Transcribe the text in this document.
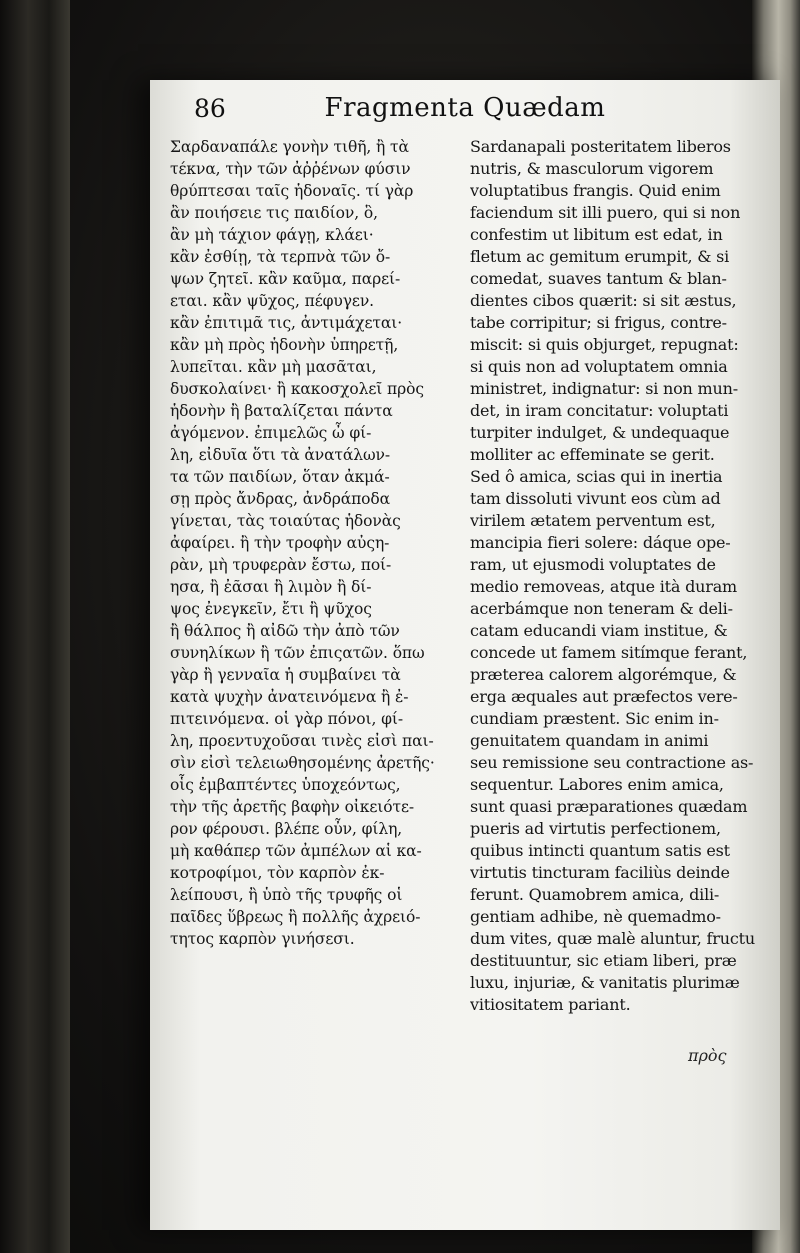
86	Fragmenta Quædam
Σαρδαναπάλε γονὴν τιθῆ, ἢ τὰ
τέκνα, τὴν τῶν ἀῤῥένων φύσιν
θρύπτεσαι ταῖς ἡδοναῖς. τί γὰρ
ἂν ποιήσειε τις παιδίον, ὃ,
ἂν μὴ τάχιον φάγῃ, κλάει·
κἂν ἐσθίῃ, τὰ τερπνὰ τῶν ὄ-
ψων ζητεῖ. κἂν καῦμα, παρεί-
εται. κἂν ψῦχος, πέφυγεν.
κἂν ἐπιτιμᾶ τις, ἀντιμάχεται·
κἂν μὴ πρὸς ἡδονὴν ὑπηρετῇ,
λυπεῖται. κἂν μὴ μασᾶται,
δυσκολαίνει· ἢ κακοσχολεῖ πρὸς
ἡδονὴν ἢ βαταλίζεται πάντα
ἀγόμενον. ἐπιμελῶς ὦ φί-
λη, εἰδυῖα ὅτι τὰ ἀνατάλων-
τα τῶν παιδίων, ὅταν ἀκμά-
σῃ πρὸς ἄνδρας, ἀνδράποδα
γίνεται, τὰς τοιαύτας ἡδονὰς
ἀφαίρει. ἢ τὴν τροφὴν αὐςη-
ρὰν, μὴ τρυφερὰν ἔστω, ποί-
ησα, ἢ ἐᾶσαι ἢ λιμὸν ἢ δί-
ψος ἐνεγκεῖν, ἔτι ἢ ψῦχος
ἢ θάλπος ἢ αἰδῶ τὴν ἀπὸ τῶν
συνηλίκων ἢ τῶν ἐπιςατῶν. ὅπω
γὰρ ἢ γενναῖα ἡ συμβαίνει τὰ
κατὰ ψυχὴν ἀνατεινόμενα ἢ ἐ-
πιτεινόμενα. οἱ γὰρ πόνοι, φί-
λη, προεντυχοῦσαι τινὲς εἰσὶ παι-
σὶν εἰσὶ τελειωθησομένης ἀρετῆς·
οἷς ἐμβαπτέντες ὑποχεόντως,
τὴν τῆς ἀρετῆς βαφὴν οἰκειότε-
ρον φέρουσι. βλέπε οὖν, φίλη,
μὴ καθάπερ τῶν ἀμπέλων αἱ κα-
κοτροφίμοι, τὸν καρπὸν ἐκ-
λείπουσι, ἢ ὑπὸ τῆς τρυφῆς οἱ
παῖδες ὕβρεως ἢ πολλῆς ἀχρειό-
τητος καρπὸν γινήσεσι.
Sardanapali posteritatem liberos
nutris, & masculorum vigorem
voluptatibus frangis. Quid enim
faciendum sit illi puero, qui si non
confestim ut libitum est edat, in
fletum ac gemitum erumpit, & si
comedat, suaves tantum & blan-
dientes cibos quærit: si sit æstus,
tabe corripitur; si frigus, contre-
miscit: si quis objurget, repugnat:
si quis non ad voluptatem omnia
ministret, indignatur: si non mun-
det, in iram concitatur: voluptati
turpiter indulget, & undequaque
molliter ac effeminate se gerit.
Sed ô amica, scias qui in inertia
tam dissoluti vivunt eos cùm ad
virilem ætatem perventum est,
mancipia fieri solere: dáque ope-
ram, ut ejusmodi voluptates de
medio removeas, atque ità duram
acerbámque non teneram & deli-
catam educandi viam institue, &
concede ut famem sitímque ferant,
præterea calorem algorémque, &
erga æquales aut præfectos vere-
cundiam præstent. Sic enim in-
genuitatem quandam in animi
seu remissione seu contractione as-
sequentur. Labores enim amica,
sunt quasi præparationes quædam
pueris ad virtutis perfectionem,
quibus intincti quantum satis est
virtutis tincturam faciliùs deinde
ferunt. Quamobrem amica, dili-
gentiam adhibe, nè quemadmo-
dum vites, quæ malè aluntur, fructu
destituuntur, sic etiam liberi, præ
luxu, injuriæ, & vanitatis plurimæ
vitiositatem pariant.
πρὸς
